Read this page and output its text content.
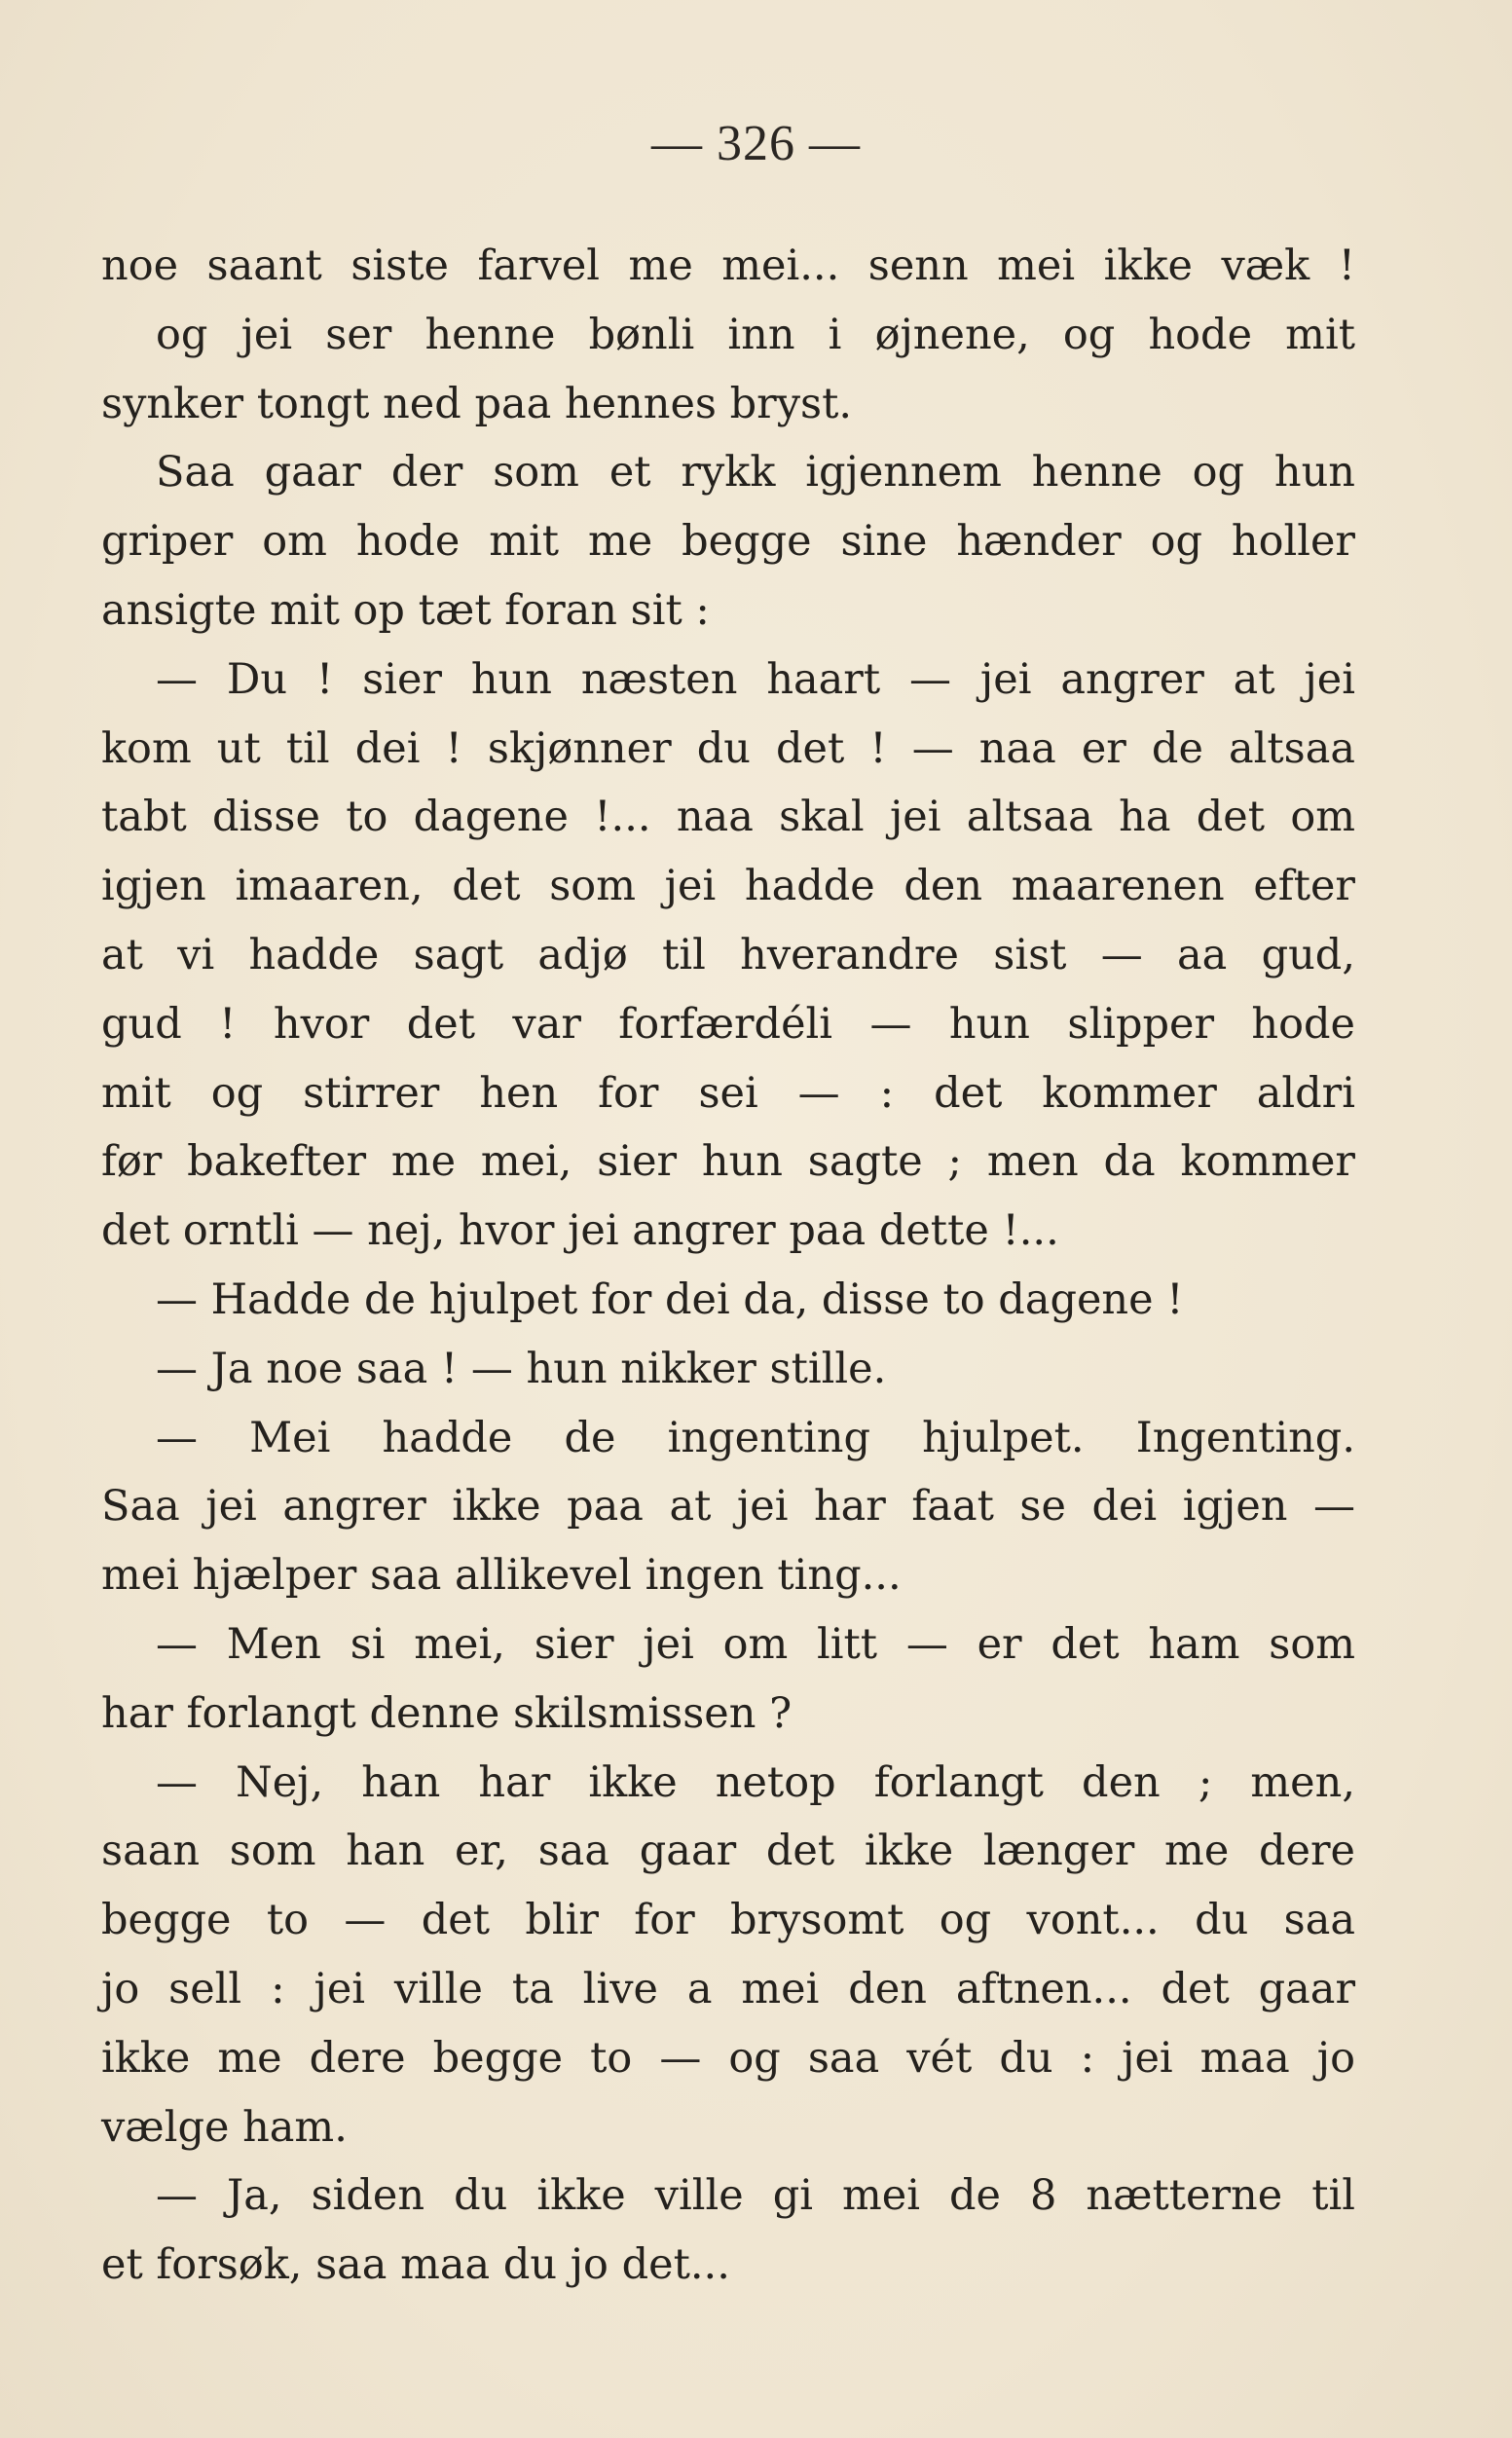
— 326 —
noe saant siste farvel me mei... senn mei ikke væk !
og jei ser henne bønli inn i øjnene, og hode mit
synker tongt ned paa hennes bryst.
Saa gaar der som et rykk igjennem henne og hun
griper om hode mit me begge sine hænder og holler
ansigte mit op tæt foran sit :
— Du ! sier hun næsten haart — jei angrer at jei
kom ut til dei ! skjønner du det ! — naa er de altsaa
tabt disse to dagene !... naa skal jei altsaa ha det om
igjen imaaren, det som jei hadde den maarenen efter
at vi hadde sagt adjø til hverandre sist — aa gud,
gud ! hvor det var forfærdéli — hun slipper hode
mit og stirrer hen for sei — : det kommer aldri
før bakefter me mei, sier hun sagte ; men da kommer
det orntli — nej, hvor jei angrer paa dette !...
— Hadde de hjulpet for dei da, disse to dagene !
— Ja noe saa ! — hun nikker stille.
— Mei hadde de ingenting hjulpet. Ingenting.
Saa jei angrer ikke paa at jei har faat se dei igjen —
mei hjælper saa allikevel ingen ting...
— Men si mei, sier jei om litt — er det ham som
har forlangt denne skilsmissen ?
— Nej, han har ikke netop forlangt den ; men,
saan som han er, saa gaar det ikke længer me dere
begge to — det blir for brysomt og vont... du saa
jo sell : jei ville ta live a mei den aftnen... det gaar
ikke me dere begge to — og saa vét du : jei maa jo
vælge ham.
— Ja, siden du ikke ville gi mei de 8 nætterne til
et forsøk, saa maa du jo det...
